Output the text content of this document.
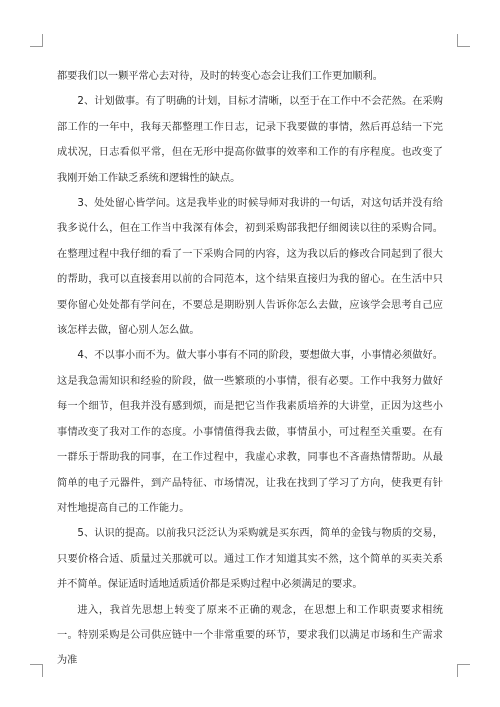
都要我们以一颗平常心去对待，及时的转变心态会让我们工作更加顺利。

2、计划做事。有了明确的计划，目标才清晰，以至于在工作中不会茫然。在采购部工作的一年中，我每天都整理工作日志，记录下我要做的事情，然后再总结一下完成状况，日志看似平常，但在无形中提高你做事的效率和工作的有序程度。也改变了我刚开始工作缺乏系统和逻辑性的缺点。

3、处处留心皆学问。这是我毕业的时候导师对我讲的一句话，对这句话并没有给我多说什么，但在工作当中我深有体会，初到采购部我把仔细阅读以往的采购合同。在整理过程中我仔细的看了一下采购合同的内容，这为我以后的修改合同起到了很大的帮助，我可以直接套用以前的合同范本，这个结果直接归为我的留心。在生活中只要你留心处处都有学问在，不要总是期盼别人告诉你怎么去做，应该学会思考自己应该怎样去做，留心别人怎么做。

4、不以事小而不为。做大事小事有不同的阶段，要想做大事，小事情必须做好。这是我急需知识和经验的阶段，做一些繁琐的小事情，很有必要。工作中我努力做好每一个细节，但我并没有感到烦，而是把它当作我素质培养的大讲堂，正因为这些小事情改变了我对工作的态度。小事情值得我去做，事情虽小，可过程至关重要。在有一群乐于帮助我的同事，在工作过程中，我虚心求教，同事也不吝啬热情帮助。从最简单的电子元器件，到产品特征、市场情况，让我在找到了学习了方向，使我更有针对性地提高自己的工作能力。

5、认识的提高。以前我只泛泛认为采购就是买东西，简单的金钱与物质的交易，只要价格合适、质量过关那就可以。通过工作才知道其实不然，这个简单的买卖关系并不简单。保证适时适地适质适价都是采购过程中必须满足的要求。

进入，我首先思想上转变了原来不正确的观念，在思想上和工作职责要求相统一。特别采购是公司供应链中一个非常重要的环节，要求我们以满足市场和生产需求为准
